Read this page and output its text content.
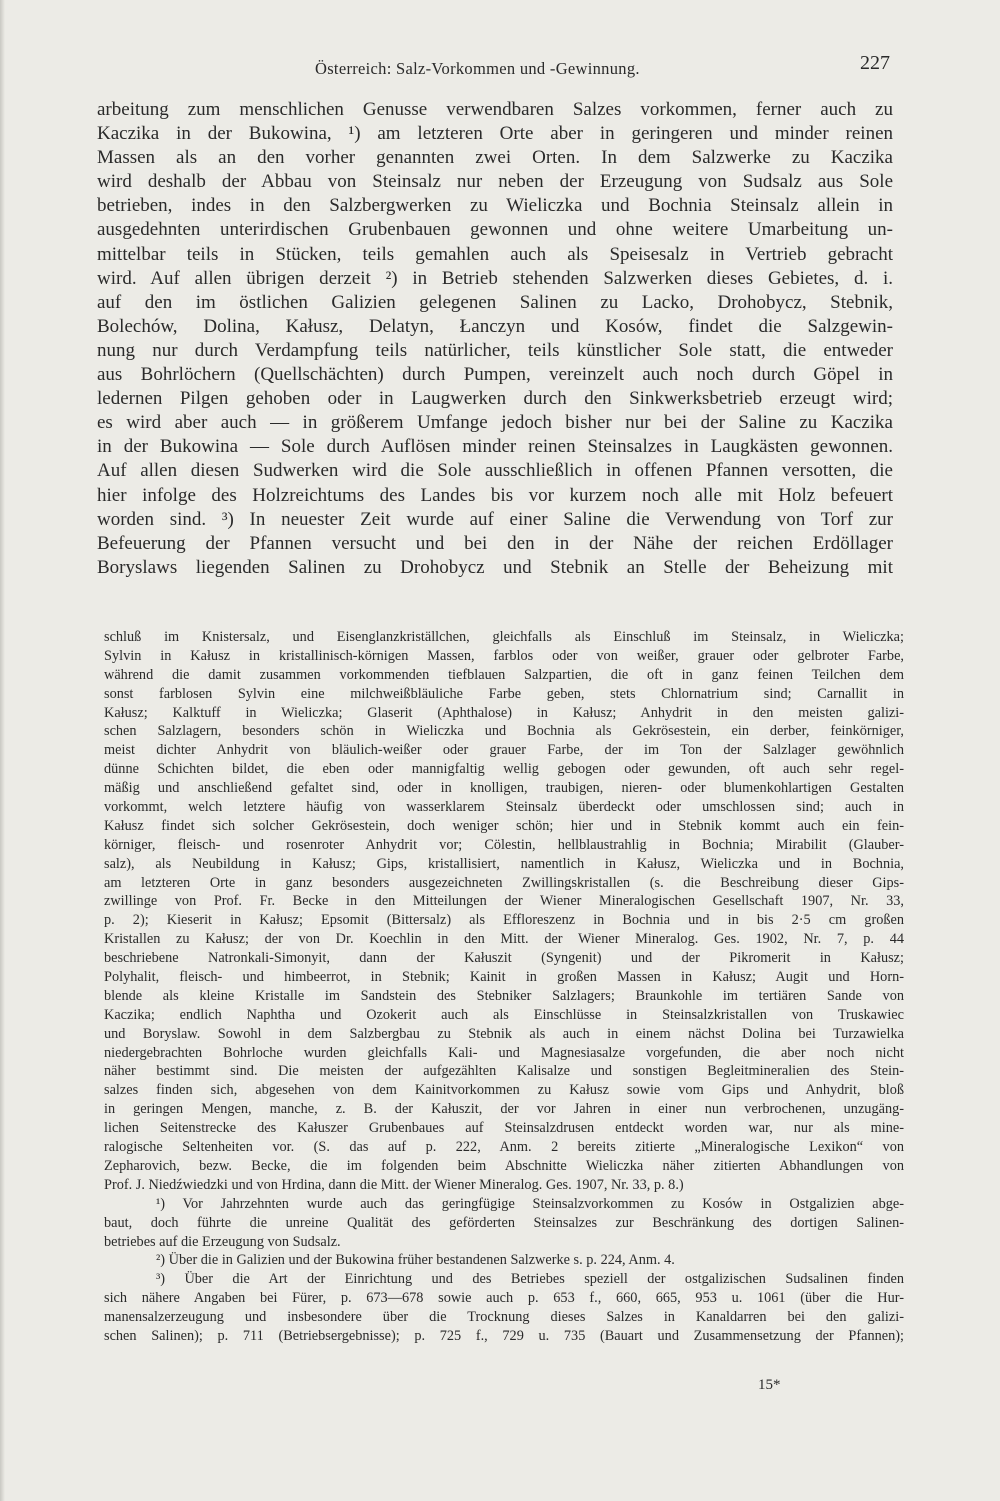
Österreich: Salz-Vorkommen und -Gewinnung.	227
arbeitung zum menschlichen Genusse verwendbaren Salzes vorkommen, ferner auch zu
Kaczika in der Bukowina, ¹) am letzteren Orte aber in geringeren und minder reinen
Massen als an den vorher genannten zwei Orten. In dem Salzwerke zu Kaczika
wird deshalb der Abbau von Steinsalz nur neben der Erzeugung von Sudsalz aus Sole
betrieben, indes in den Salzbergwerken zu Wieliczka und Bochnia Steinsalz allein in
ausgedehnten unterirdischen Grubenbauen gewonnen und ohne weitere Umarbeitung un-
mittelbar teils in Stücken, teils gemahlen auch als Speisesalz in Vertrieb gebracht
wird. Auf allen übrigen derzeit ²) in Betrieb stehenden Salzwerken dieses Gebietes, d. i.
auf den im östlichen Galizien gelegenen Salinen zu Lacko, Drohobycz, Stebnik,
Bolechów, Dolina, Kałusz, Delatyn, Łanczyn und Kosów, findet die Salzgewin-
nung nur durch Verdampfung teils natürlicher, teils künstlicher Sole statt, die entweder
aus Bohrlöchern (Quellschächten) durch Pumpen, vereinzelt auch noch durch Göpel in
ledernen Pilgen gehoben oder in Laugwerken durch den Sinkwerksbetrieb erzeugt wird;
es wird aber auch — in größerem Umfange jedoch bisher nur bei der Saline zu Kaczika
in der Bukowina — Sole durch Auflösen minder reinen Steinsalzes in Laugkästen gewonnen.
Auf allen diesen Sudwerken wird die Sole ausschließlich in offenen Pfannen versotten, die
hier infolge des Holzreichtums des Landes bis vor kurzem noch alle mit Holz befeuert
worden sind. ³) In neuester Zeit wurde auf einer Saline die Verwendung von Torf zur
Befeuerung der Pfannen versucht und bei den in der Nähe der reichen Erdöllager
Boryslaws liegenden Salinen zu Drohobycz und Stebnik an Stelle der Beheizung mit
schluß im Knistersalz, und Eisenglanzkriställchen, gleichfalls als Einschluß im Steinsalz, in Wieliczka;
Sylvin in Kałusz in kristallinisch-körnigen Massen, farblos oder von weißer, grauer oder gelbroter Farbe,
während die damit zusammen vorkommenden tiefblauen Salzpartien, die oft in ganz feinen Teilchen dem
sonst farblosen Sylvin eine milchweißbläuliche Farbe geben, stets Chlornatrium sind; Carnallit in
Kałusz; Kalktuff in Wieliczka; Glaserit (Aphthalose) in Kałusz; Anhydrit in den meisten galizi-
schen Salzlagern, besonders schön in Wieliczka und Bochnia als Gekrösestein, ein derber, feinkörniger,
meist dichter Anhydrit von bläulich-weißer oder grauer Farbe, der im Ton der Salzlager gewöhnlich
dünne Schichten bildet, die eben oder mannigfaltig wellig gebogen oder gewunden, oft auch sehr regel-
mäßig und anschließend gefaltet sind, oder in knolligen, traubigen, nieren- oder blumenkohlartigen Gestalten
vorkommt, welch letztere häufig von wasserklarem Steinsalz überdeckt oder umschlossen sind; auch in
Kałusz findet sich solcher Gekrösestein, doch weniger schön; hier und in Stebnik kommt auch ein fein-
körniger, fleisch- und rosenroter Anhydrit vor; Cölestin, hellblaustrahlig in Bochnia; Mirabilit (Glauber-
salz), als Neubildung in Kałusz; Gips, kristallisiert, namentlich in Kałusz, Wieliczka und in Bochnia,
am letzteren Orte in ganz besonders ausgezeichneten Zwillingskristallen (s. die Beschreibung dieser Gips-
zwillinge von Prof. Fr. Becke in den Mitteilungen der Wiener Mineralogischen Gesellschaft 1907, Nr. 33,
p. 2); Kieserit in Kałusz; Epsomit (Bittersalz) als Effloreszenz in Bochnia und in bis 2·5 cm großen
Kristallen zu Kałusz; der von Dr. Koechlin in den Mitt. der Wiener Mineralog. Ges. 1902, Nr. 7, p. 44
beschriebene Natronkali-Simonyit, dann der Kałuszit (Syngenit) und der Pikromerit in Kałusz;
Polyhalit, fleisch- und himbeerrot, in Stebnik; Kainit in großen Massen in Kałusz; Augit und Horn-
blende als kleine Kristalle im Sandstein des Stebniker Salzlagers; Braunkohle im tertiären Sande von
Kaczika; endlich Naphtha und Ozokerit auch als Einschlüsse in Steinsalzkristallen von Truskawiec
und Boryslaw. Sowohl in dem Salzbergbau zu Stebnik als auch in einem nächst Dolina bei Turzawielka
niedergebrachten Bohrloche wurden gleichfalls Kali- und Magnesiasalze vorgefunden, die aber noch nicht
näher bestimmt sind. Die meisten der aufgezählten Kalisalze und sonstigen Begleitmineralien des Stein-
salzes finden sich, abgesehen von dem Kainitvorkommen zu Kałusz sowie vom Gips und Anhydrit, bloß
in geringen Mengen, manche, z. B. der Kałuszit, der vor Jahren in einer nun verbrochenen, unzugäng-
lichen Seitenstrecke des Kałuszer Grubenbaues auf Steinsalzdrusen entdeckt worden war, nur als mine-
ralogische Seltenheiten vor. (S. das auf p. 222, Anm. 2 bereits zitierte „Mineralogische Lexikon“ von
Zepharovich, bezw. Becke, die im folgenden beim Abschnitte Wieliczka näher zitierten Abhandlungen von
Prof. J. Niedźwiedzki und von Hrdina, dann die Mitt. der Wiener Mineralog. Ges. 1907, Nr. 33, p. 8.)
¹) Vor Jahrzehnten wurde auch das geringfügige Steinsalzvorkommen zu Kosów in Ostgalizien abge-
baut, doch führte die unreine Qualität des geförderten Steinsalzes zur Beschränkung des dortigen Salinen-
betriebes auf die Erzeugung von Sudsalz.
²) Über die in Galizien und der Bukowina früher bestandenen Salzwerke s. p. 224, Anm. 4.
³) Über die Art der Einrichtung und des Betriebes speziell der ostgalizischen Sudsalinen finden
sich nähere Angaben bei Fürer, p. 673—678 sowie auch p. 653 f., 660, 665, 953 u. 1061 (über die Hur-
manensalzerzeugung und insbesondere über die Trocknung dieses Salzes in Kanaldarren bei den galizi-
schen Salinen); p. 711 (Betriebsergebnisse); p. 725 f., 729 u. 735 (Bauart und Zusammensetzung der Pfannen);
15*
